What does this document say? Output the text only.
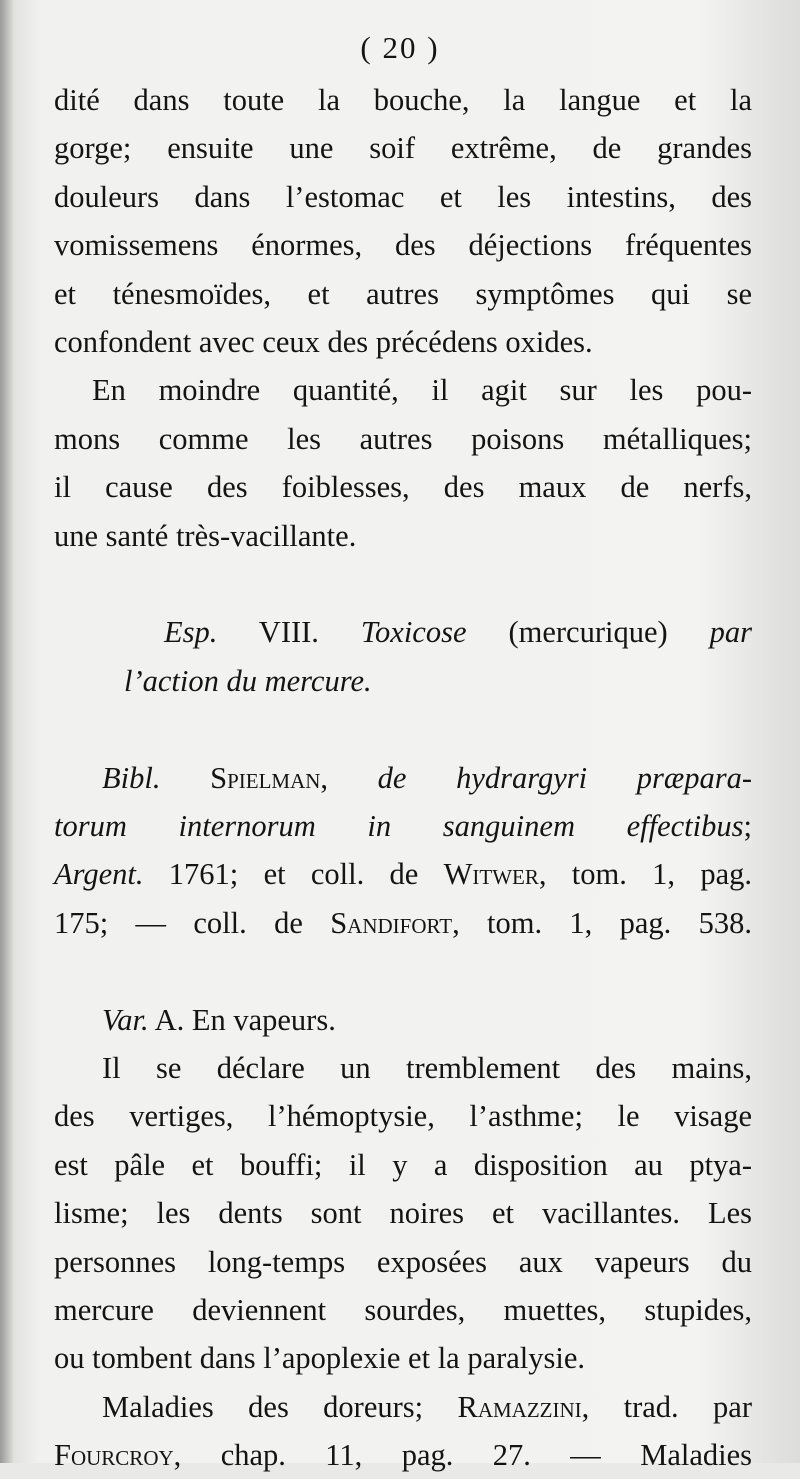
( 20 )
dité dans toute la bouche, la langue et la
gorge; ensuite une soif extrême, de grandes
douleurs dans l’estomac et les intestins, des
vomissemens énormes, des déjections fréquentes
et ténesmoïdes, et autres symptômes qui se
confondent avec ceux des précédens oxides.
En moindre quantité, il agit sur les pou-
mons comme les autres poisons métalliques;
il cause des foiblesses, des maux de nerfs,
une santé très-vacillante.
Esp. VIII. Toxicose (mercurique) par
l’action du mercure.
Bibl. Spielman, de hydrargyri præpara-
torum internorum in sanguinem effectibus;
Argent. 1761; et coll. de Witwer, tom. 1, pag.
175; — coll. de Sandifort, tom. 1, pag. 538.
Var. A. En vapeurs.
Il se déclare un tremblement des mains,
des vertiges, l’hémoptysie, l’asthme; le visage
est pâle et bouffi; il y a disposition au ptya-
lisme; les dents sont noires et vacillantes. Les
personnes long-temps exposées aux vapeurs du
mercure deviennent sourdes, muettes, stupides,
ou tombent dans l’apoplexie et la paralysie.
Maladies des doreurs; Ramazzini, trad. par
Fourcroy, chap. 11, pag. 27. — Maladies
